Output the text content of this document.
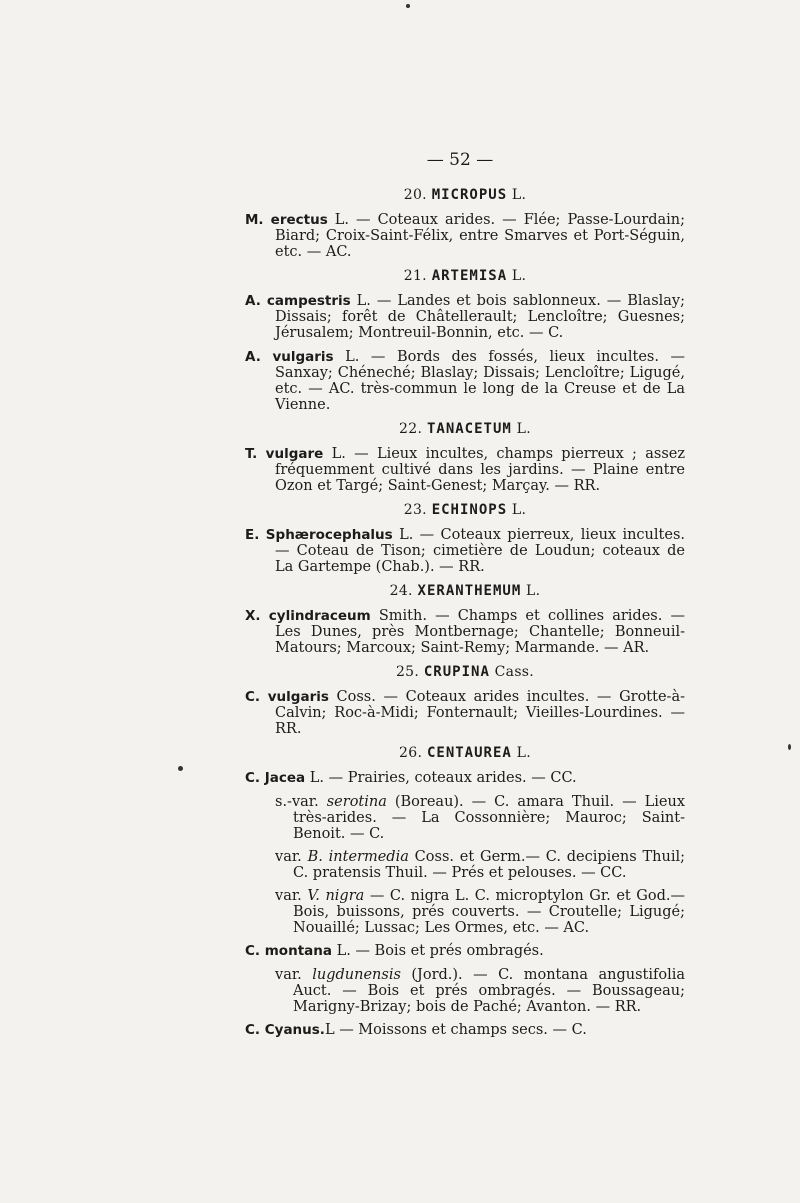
— 52 —
20. MICROPUS L.

M. erectus L. — Coteaux arides. — Flée; Passe-Lourdain; Biard; Croix-Saint-Félix, entre Smarves et Port-Séguin, etc. — AC.

21. ARTEMISA L.

A. campestris L. — Landes et bois sablonneux. — Blaslay; Dissais; forêt de Châtellerault; Lencloître; Guesnes; Jérusalem; Montreuil-Bonnin, etc. — C.

A. vulgaris L. — Bords des fossés, lieux incultes. — Sanxay; Chéneché; Blaslay; Dissais; Lencloître; Ligugé, etc. — AC. très-commun le long de la Creuse et de La Vienne.

22. TANACETUM L.

T. vulgare L. — Lieux incultes, champs pierreux ; assez fréquemment cultivé dans les jardins. — Plaine entre Ozon et Targé; Saint-Genest; Marçay. — RR.

23. ECHINOPS L.

E. Sphærocephalus L. — Coteaux pierreux, lieux incultes. — Coteau de Tison; cimetière de Loudun; coteaux de La Gartempe (Chab.). — RR.

24. XERANTHEMUM L.

X. cylindraceum Smith. — Champs et collines arides. — Les Dunes, près Montbernage; Chantelle; Bonneuil-Matours; Marcoux; Saint-Remy; Marmande. — AR.

25. CRUPINA Cass.

C. vulgaris Coss. — Coteaux arides incultes. — Grotte-à-Calvin; Roc-à-Midi; Fonternault; Vieilles-Lourdines. — RR.

26. CENTAUREA L.

C. Jacea L. — Prairies, coteaux arides. — CC.

s.-var. serotina (Boreau). — C. amara Thuil. — Lieux très-arides. — La Cossonnière; Mauroc; Saint-Benoit. — C.

var. B. intermedia Coss. et Germ.— C. decipiens Thuil; C. pratensis Thuil. — Prés et pelouses. — CC.

var. V. nigra — C. nigra L. C. microptylon Gr. et God.— Bois, buissons, prés couverts. — Croutelle; Ligugé; Nouaillé; Lussac; Les Ormes, etc. — AC.

C. montana L. — Bois et prés ombragés.

var. lugdunensis (Jord.). — C. montana angustifolia Auct. — Bois et prés ombragés. — Boussageau; Marigny-Brizay; bois de Paché; Avanton. — RR.

C. Cyanus.L — Moissons et champs secs. — C.
